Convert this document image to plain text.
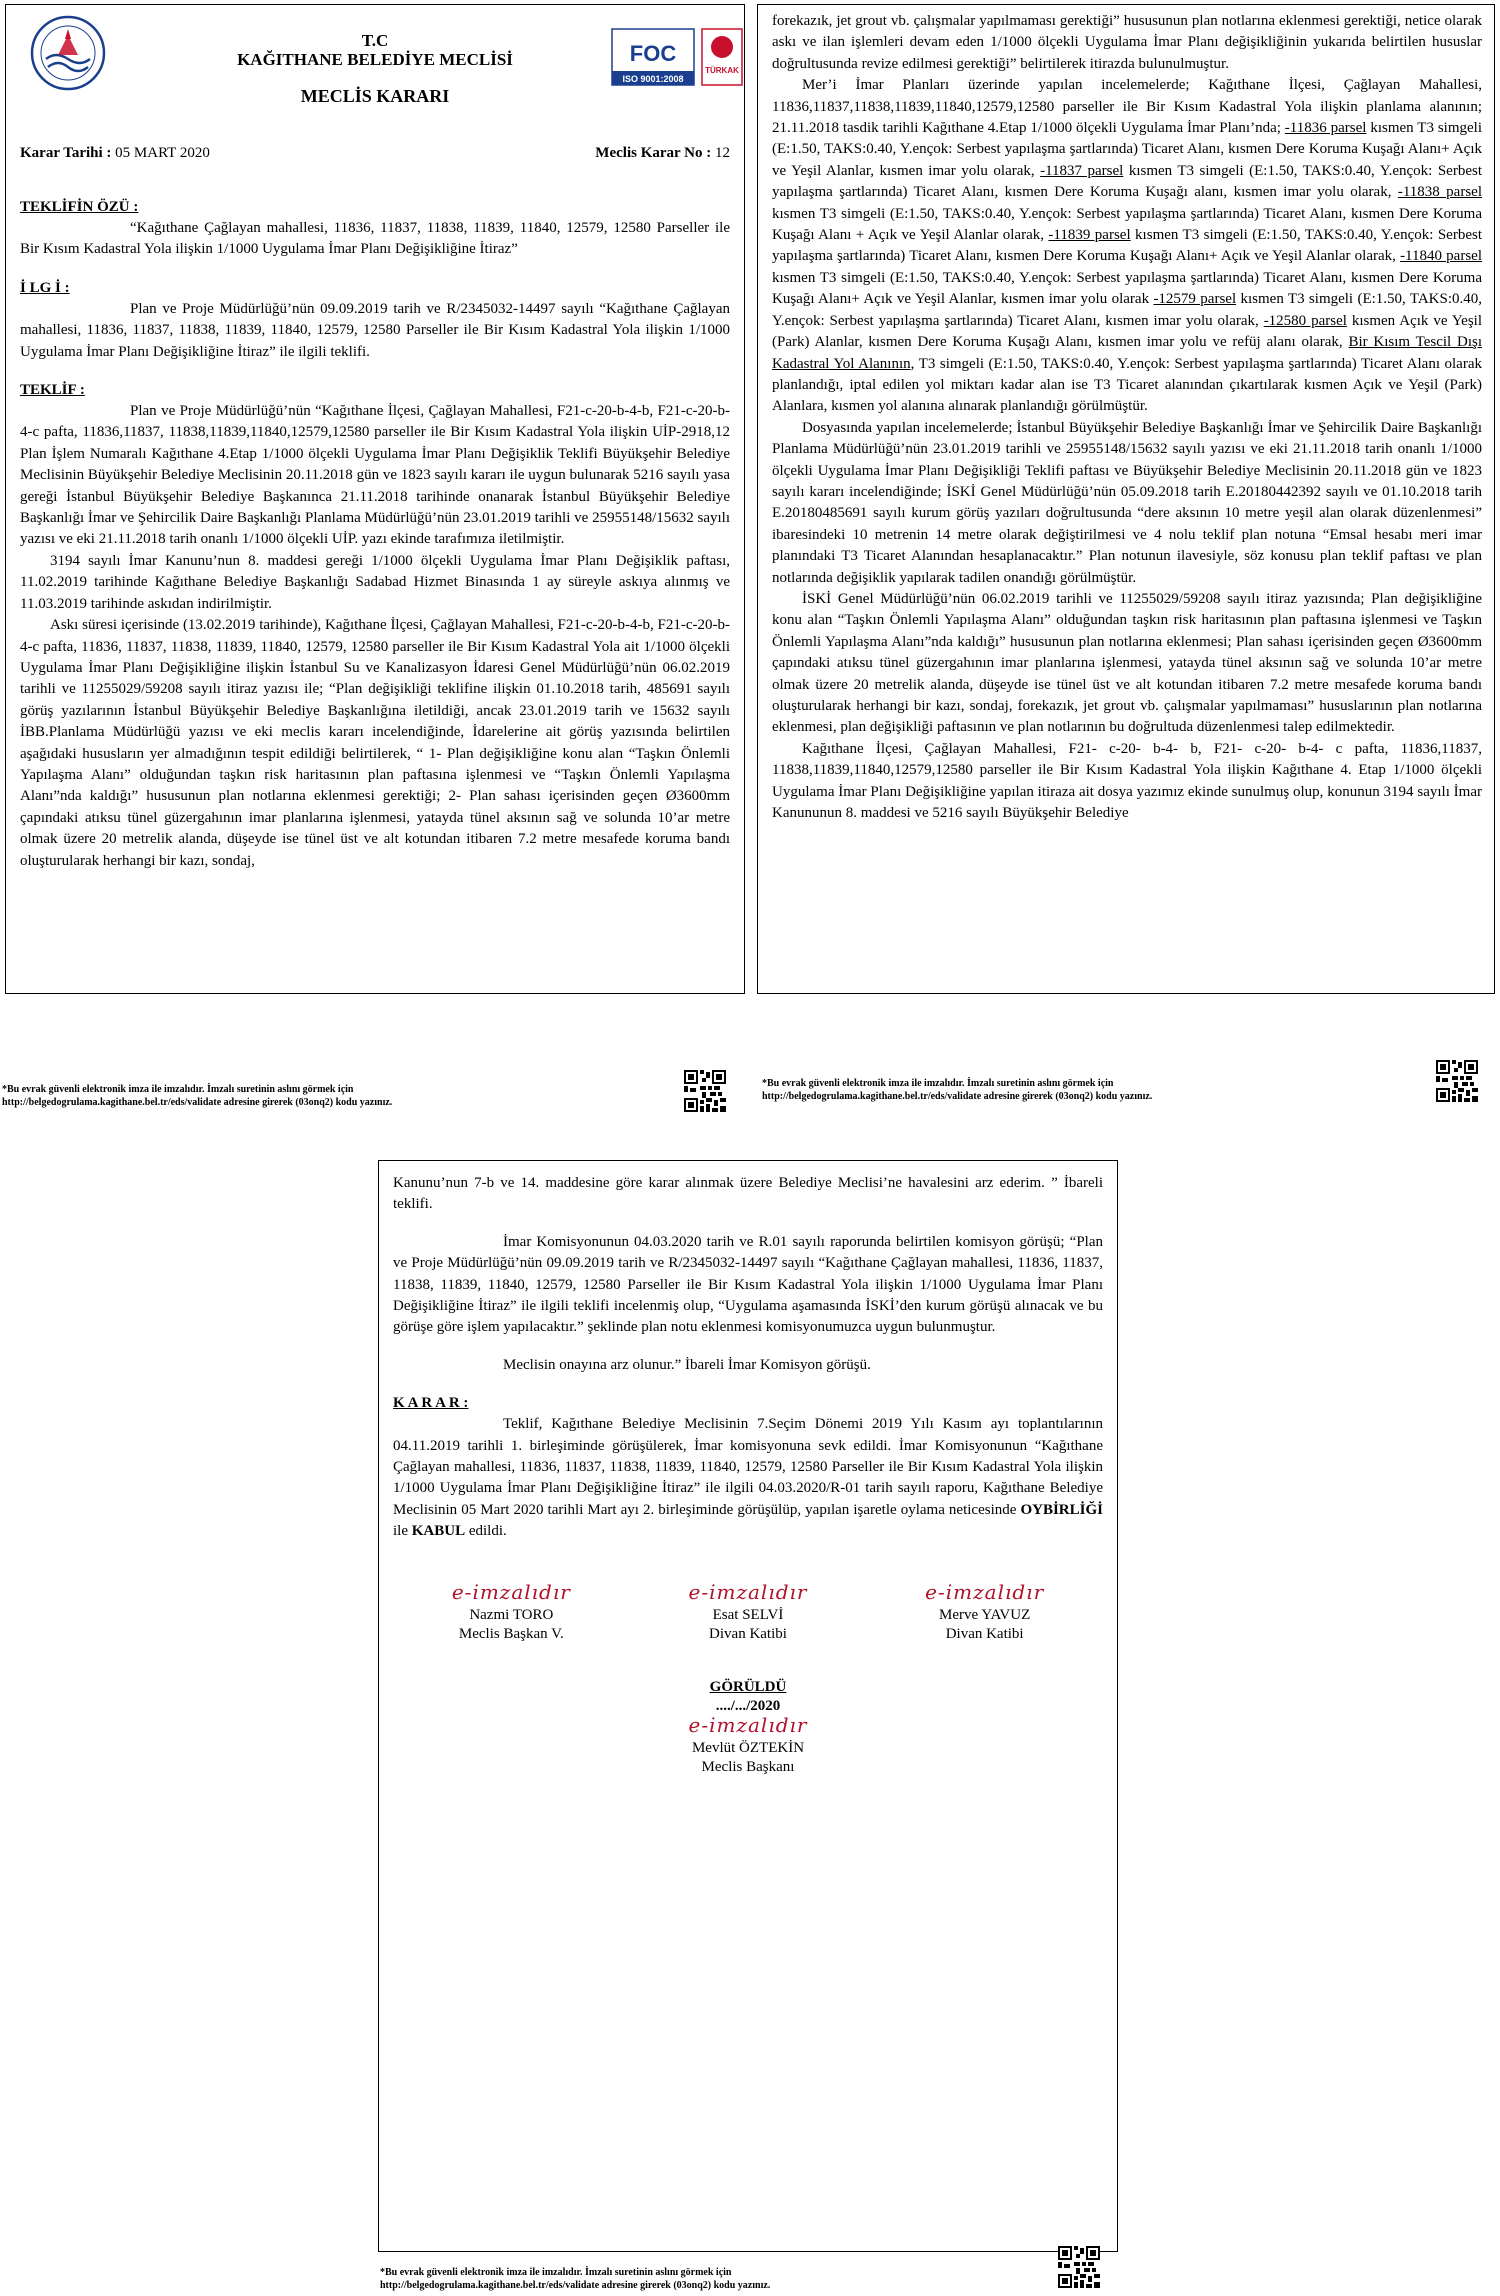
T.C
KAĞITHANE BELEDİYE MECLİSİ
MECLİS KARARI
FOC
ISO 9001:2008
TÜRKAK
Karar Tarihi : 05 MART 2020	Meclis Karar No : 12

TEKLİFİN ÖZÜ :

“Kağıthane Çağlayan mahallesi, 11836, 11837, 11838, 11839, 11840, 12579, 12580 Parseller ile Bir Kısım Kadastral Yola ilişkin 1/1000 Uygulama İmar Planı Değişikliğine İtiraz”

İ LG İ :

Plan ve Proje Müdürlüğü’nün 09.09.2019 tarih ve R/2345032-14497 sayılı “Kağıthane Çağlayan mahallesi, 11836, 11837, 11838, 11839, 11840, 12579, 12580 Parseller ile Bir Kısım Kadastral Yola ilişkin 1/1000 Uygulama İmar Planı Değişikliğine İtiraz” ile ilgili teklifi.

TEKLİF :

Plan ve Proje Müdürlüğü’nün “Kağıthane İlçesi, Çağlayan Mahallesi, F21-c-20-b-4-b, F21-c-20-b-4-c pafta, 11836,11837, 11838,11839,11840,12579,12580 parseller ile Bir Kısım Kadastral Yola ilişkin UİP-2918,12 Plan İşlem Numaralı Kağıthane 4.Etap 1/1000 ölçekli Uygulama İmar Planı Değişiklik Teklifi Büyükşehir Belediye Meclisinin Büyükşehir Belediye Meclisinin 20.11.2018 gün ve 1823 sayılı kararı ile uygun bulunarak 5216 sayılı yasa gereği İstanbul Büyükşehir Belediye Başkanınca 21.11.2018 tarihinde onanarak İstanbul Büyükşehir Belediye Başkanlığı İmar ve Şehircilik Daire Başkanlığı Planlama Müdürlüğü’nün 23.01.2019 tarihli ve 25955148/15632 sayılı yazısı ve eki 21.11.2018 tarih onanlı 1/1000 ölçekli UİP. yazı ekinde tarafımıza iletilmiştir.

3194 sayılı İmar Kanunu’nun 8. maddesi gereği 1/1000 ölçekli Uygulama İmar Planı Değişiklik paftası, 11.02.2019 tarihinde Kağıthane Belediye Başkanlığı Sadabad Hizmet Binasında 1 ay süreyle askıya alınmış ve 11.03.2019 tarihinde askıdan indirilmiştir.

Askı süresi içerisinde (13.02.2019 tarihinde), Kağıthane İlçesi, Çağlayan Mahallesi, F21-c-20-b-4-b, F21-c-20-b-4-c pafta, 11836, 11837, 11838, 11839, 11840, 12579, 12580 parseller ile Bir Kısım Kadastral Yola ait 1/1000 ölçekli Uygulama İmar Planı Değişikliğine ilişkin İstanbul Su ve Kanalizasyon İdaresi Genel Müdürlüğü’nün 06.02.2019 tarihli ve 11255029/59208 sayılı itiraz yazısı ile; “Plan değişikliği teklifine ilişkin 01.10.2018 tarih, 485691 sayılı görüş yazılarının İstanbul Büyükşehir Belediye Başkanlığına iletildiği, ancak 23.01.2019 tarih ve 15632 sayılı İBB.Planlama Müdürlüğü yazısı ve eki meclis kararı incelendiğinde, İdarelerine ait görüş yazısında belirtilen aşağıdaki hususların yer almadığının tespit edildiği belirtilerek, “ 1- Plan değişikliğine konu alan “Taşkın Önlemli Yapılaşma Alanı” olduğundan taşkın risk haritasının plan paftasına işlenmesi ve “Taşkın Önlemli Yapılaşma Alanı”nda kaldığı” hususunun plan notlarına eklenmesi gerektiği; 2- Plan sahası içerisinden geçen Ø3600mm çapındaki atıksu tünel güzergahının imar planlarına işlenmesi, yatayda tünel aksının sağ ve solunda 10’ar metre olmak üzere 20 metrelik alanda, düşeyde ise tünel üst ve alt kotundan itibaren 7.2 metre mesafede koruma bandı oluşturularak herhangi bir kazı, sondaj,

forekazık, jet grout vb. çalışmalar yapılmaması gerektiği” hususunun plan notlarına eklenmesi gerektiği, netice olarak askı ve ilan işlemleri devam eden 1/1000 ölçekli Uygulama İmar Planı değişikliğinin yukarıda belirtilen hususlar doğrultusunda revize edilmesi gerektiği” belirtilerek itirazda bulunulmuştur.

Mer’i İmar Planları üzerinde yapılan incelemelerde; Kağıthane İlçesi, Çağlayan Mahallesi, 11836,11837,11838,11839,11840,12579,12580 parseller ile Bir Kısım Kadastral Yola ilişkin planlama alanının; 21.11.2018 tasdik tarihli Kağıthane 4.Etap 1/1000 ölçekli Uygulama İmar Planı’nda; -11836 parsel kısmen T3 simgeli (E:1.50, TAKS:0.40, Y.ençok: Serbest yapılaşma şartlarında) Ticaret Alanı, kısmen Dere Koruma Kuşağı Alanı+ Açık ve Yeşil Alanlar, kısmen imar yolu olarak, -11837 parsel kısmen T3 simgeli (E:1.50, TAKS:0.40, Y.ençok: Serbest yapılaşma şartlarında) Ticaret Alanı, kısmen Dere Koruma Kuşağı alanı, kısmen imar yolu olarak, -11838 parsel kısmen T3 simgeli (E:1.50, TAKS:0.40, Y.ençok: Serbest yapılaşma şartlarında) Ticaret Alanı, kısmen Dere Koruma Kuşağı Alanı + Açık ve Yeşil Alanlar olarak, -11839 parsel kısmen T3 simgeli (E:1.50, TAKS:0.40, Y.ençok: Serbest yapılaşma şartlarında) Ticaret Alanı, kısmen Dere Koruma Kuşağı Alanı+ Açık ve Yeşil Alanlar olarak, -11840 parsel kısmen T3 simgeli (E:1.50, TAKS:0.40, Y.ençok: Serbest yapılaşma şartlarında) Ticaret Alanı, kısmen Dere Koruma Kuşağı Alanı+ Açık ve Yeşil Alanlar, kısmen imar yolu olarak -12579 parsel kısmen T3 simgeli (E:1.50, TAKS:0.40, Y.ençok: Serbest yapılaşma şartlarında) Ticaret Alanı, kısmen imar yolu olarak, -12580 parsel kısmen Açık ve Yeşil (Park) Alanlar, kısmen Dere Koruma Kuşağı Alanı, kısmen imar yolu ve refüj alanı olarak, Bir Kısım Tescil Dışı Kadastral Yol Alanının, T3 simgeli (E:1.50, TAKS:0.40, Y.ençok: Serbest yapılaşma şartlarında) Ticaret Alanı olarak planlandığı, iptal edilen yol miktarı kadar alan ise T3 Ticaret alanından çıkartılarak kısmen Açık ve Yeşil (Park) Alanlara, kısmen yol alanına alınarak planlandığı görülmüştür.

Dosyasında yapılan incelemelerde; İstanbul Büyükşehir Belediye Başkanlığı İmar ve Şehircilik Daire Başkanlığı Planlama Müdürlüğü’nün 23.01.2019 tarihli ve 25955148/15632 sayılı yazısı ve eki 21.11.2018 tarih onanlı 1/1000 ölçekli Uygulama İmar Planı Değişikliği Teklifi paftası ve Büyükşehir Belediye Meclisinin 20.11.2018 gün ve 1823 sayılı kararı incelendiğinde; İSKİ Genel Müdürlüğü’nün 05.09.2018 tarih E.20180442392 sayılı ve 01.10.2018 tarih E.20180485691 sayılı kurum görüş yazıları doğrultusunda “dere aksının 10 metre yeşil alan olarak düzenlenmesi” ibaresindeki 10 metrenin 14 metre olarak değiştirilmesi ve 4 nolu teklif plan notuna “Emsal hesabı meri imar planındaki T3 Ticaret Alanından hesaplanacaktır.” Plan notunun ilavesiyle, söz konusu plan teklif paftası ve plan notlarında değişiklik yapılarak tadilen onandığı görülmüştür.

İSKİ Genel Müdürlüğü’nün 06.02.2019 tarihli ve 11255029/59208 sayılı itiraz yazısında; Plan değişikliğine konu alan “Taşkın Önlemli Yapılaşma Alanı” olduğundan taşkın risk haritasının plan paftasına işlenmesi ve Taşkın Önlemli Yapılaşma Alanı”nda kaldığı” hususunun plan notlarına eklenmesi; Plan sahası içerisinden geçen Ø3600mm çapındaki atıksu tünel güzergahının imar planlarına işlenmesi, yatayda tünel aksının sağ ve solunda 10’ar metre olmak üzere 20 metrelik alanda, düşeyde ise tünel üst ve alt kotundan itibaren 7.2 metre mesafede koruma bandı oluşturularak herhangi bir kazı, sondaj, forekazık, jet grout vb. çalışmalar yapılmaması” hususlarının plan notlarına eklenmesi, plan değişikliği paftasının ve plan notlarının bu doğrultuda düzenlenmesi talep edilmektedir.

Kağıthane İlçesi, Çağlayan Mahallesi, F21- c-20- b-4- b, F21- c-20- b-4- c pafta, 11836,11837, 11838,11839,11840,12579,12580 parseller ile Bir Kısım Kadastral Yola ilişkin Kağıthane 4. Etap 1/1000 ölçekli Uygulama İmar Planı Değişikliğine yapılan itiraza ait dosya yazımız ekinde sunulmuş olup, konunun 3194 sayılı İmar Kanununun 8. maddesi ve 5216 sayılı Büyükşehir Belediye

*Bu evrak güvenli elektronik imza ile imzalıdır. İmzalı suretinin aslını görmek için
http://belgedogrulama.kagithane.bel.tr/eds/validate adresine girerek (03onq2) kodu yazınız.
*Bu evrak güvenli elektronik imza ile imzalıdır. İmzalı suretinin aslını görmek için
http://belgedogrulama.kagithane.bel.tr/eds/validate adresine girerek (03onq2) kodu yazınız.

Kanunu’nun 7-b ve 14. maddesine göre karar alınmak üzere Belediye Meclisi’ne havalesini arz ederim. ” İbareli teklifi.

İmar Komisyonunun 04.03.2020 tarih ve R.01 sayılı raporunda belirtilen komisyon görüşü; “Plan ve Proje Müdürlüğü’nün 09.09.2019 tarih ve R/2345032-14497 sayılı “Kağıthane Çağlayan mahallesi, 11836, 11837, 11838, 11839, 11840, 12579, 12580 Parseller ile Bir Kısım Kadastral Yola ilişkin 1/1000 Uygulama İmar Planı Değişikliğine İtiraz” ile ilgili teklifi incelenmiş olup, “Uygulama aşamasında İSKİ’den kurum görüşü alınacak ve bu görüşe göre işlem yapılacaktır.” şeklinde plan notu eklenmesi komisyonumuzca uygun bulunmuştur.

Meclisin onayına arz olunur.” İbareli İmar Komisyon görüşü.

K A R A R :

Teklif, Kağıthane Belediye Meclisinin 7.Seçim Dönemi 2019 Yılı Kasım ayı toplantılarının 04.11.2019 tarihli 1. birleşiminde görüşülerek, İmar komisyonuna sevk edildi. İmar Komisyonunun “Kağıthane Çağlayan mahallesi, 11836, 11837, 11838, 11839, 11840, 12579, 12580 Parseller ile Bir Kısım Kadastral Yola ilişkin 1/1000 Uygulama İmar Planı Değişikliğine İtiraz” ile ilgili 04.03.2020/R-01 tarih sayılı raporu, Kağıthane Belediye Meclisinin 05 Mart 2020 tarihli Mart ayı 2. birleşiminde görüşülüp, yapılan işaretle oylama neticesinde OYBİRLİĞİ ile KABUL edildi.

e-imzalıdır
Nazmi TORO
Meclis Başkan V.
e-imzalıdır
Esat SELVİ
Divan Katibi
e-imzalıdır
Merve YAVUZ
Divan Katibi
GÖRÜLDÜ
..../.../2020
e-imzalıdır
Mevlüt ÖZTEKİN
Meclis Başkanı
*Bu evrak güvenli elektronik imza ile imzalıdır. İmzalı suretinin aslını görmek için
http://belgedogrulama.kagithane.bel.tr/eds/validate adresine girerek (03onq2) kodu yazınız.
